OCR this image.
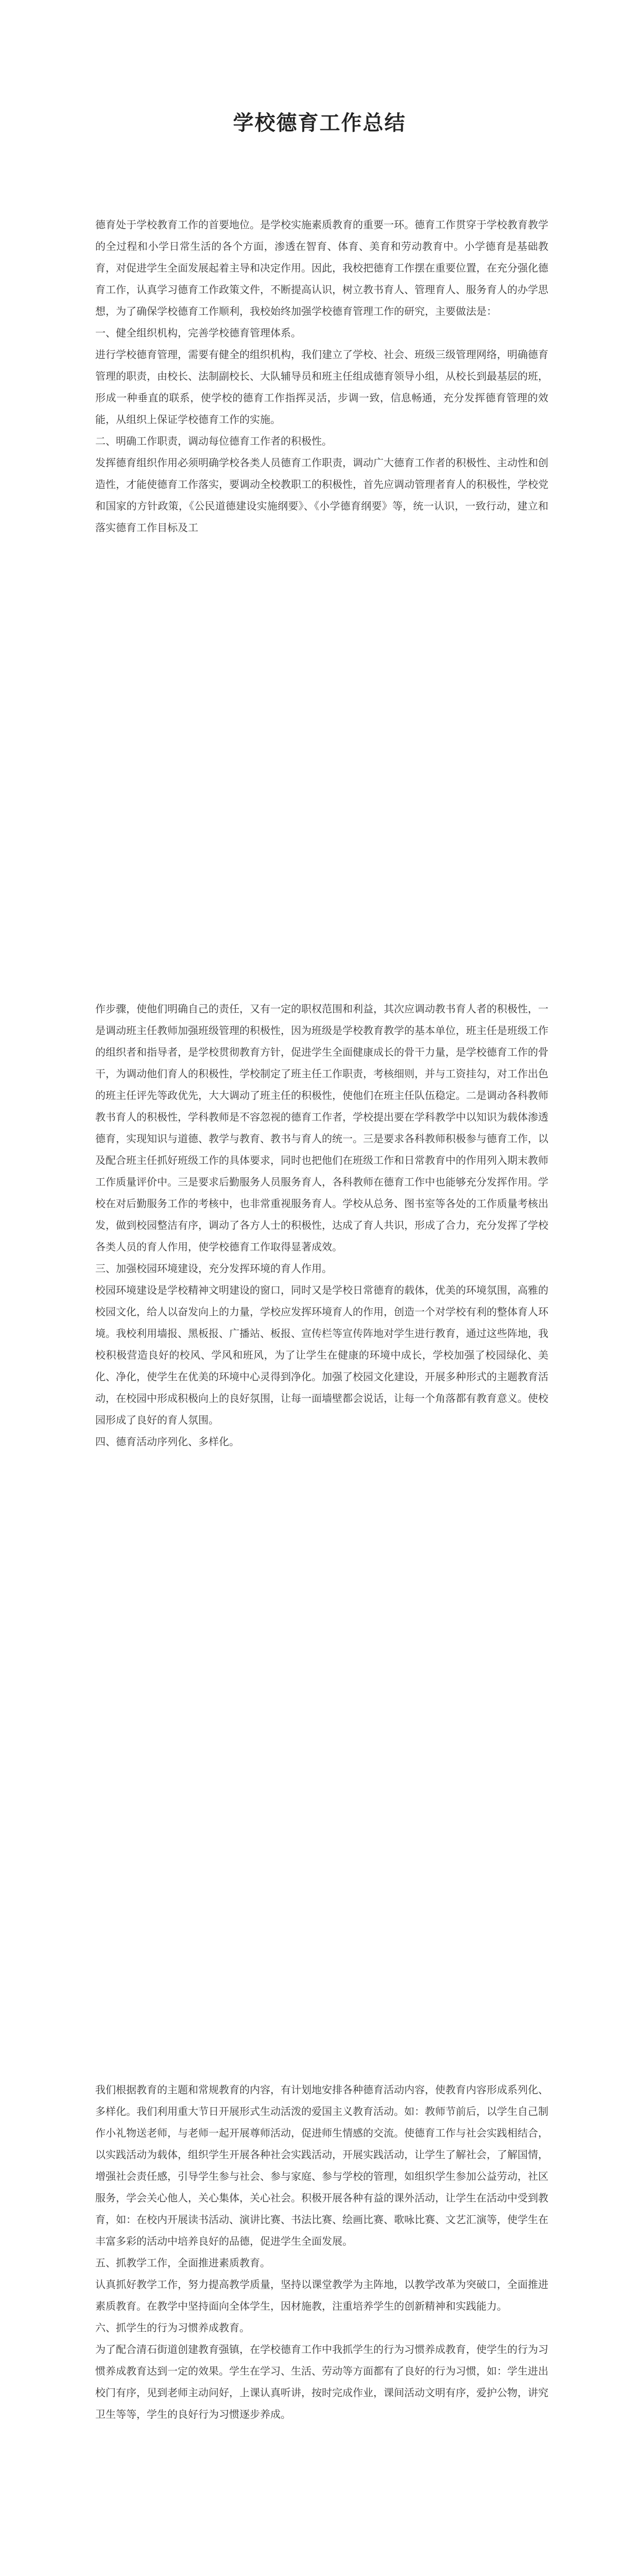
学校德育工作总结

德育处于学校教育工作的首要地位。是学校实施素质教育的重要一环。德育工作贯穿于学校教育教学的全过程和小学日常生活的各个方面，渗透在智育、体育、美育和劳动教育中。小学德育是基础教育，对促进学生全面发展起着主导和决定作用。因此，我校把德育工作摆在重要位置，在充分强化德育工作，认真学习德育工作政策文件，不断提高认识，树立教书育人、管理育人、服务育人的办学思想，为了确保学校德育工作顺利，我校始终加强学校德育管理工作的研究，主要做法是：

一、健全组织机构，完善学校德育管理体系。

进行学校德育管理，需要有健全的组织机构，我们建立了学校、社会、班级三级管理网络，明确德育管理的职责，由校长、法制副校长、大队辅导员和班主任组成德育领导小组，从校长到最基层的班，形成一种垂直的联系，使学校的德育工作指挥灵活，步调一致，信息畅通，充分发挥德育管理的效能，从组织上保证学校德育工作的实施。

二、明确工作职责，调动每位德育工作者的积极性。

发挥德育组织作用必须明确学校各类人员德育工作职责，调动广大德育工作者的积极性、主动性和创造性，才能使德育工作落实，要调动全校教职工的积极性，首先应调动管理者育人的积极性，学校党和国家的方针政策，《公民道德建设实施纲要》、《小学德育纲要》等，统一认识，一致行动，建立和落实德育工作目标及工

作步骤，使他们明确自己的责任，又有一定的职权范围和利益，其次应调动教书育人者的积极性，一是调动班主任教师加强班级管理的积极性，因为班级是学校教育教学的基本单位，班主任是班级工作的组织者和指导者，是学校贯彻教育方针，促进学生全面健康成长的骨干力量，是学校德育工作的骨干，为调动他们育人的积极性，学校制定了班主任工作职责，考核细则，并与工资挂勾，对工作出色的班主任评先等政优先，大大调动了班主任的积极性，使他们在班主任队伍稳定。二是调动各科教师教书育人的积极性，学科教师是不容忽视的德育工作者，学校提出要在学科教学中以知识为载体渗透德育，实现知识与道德、教学与教育、教书与育人的统一。三是要求各科教师积极参与德育工作，以及配合班主任抓好班级工作的具体要求，同时也把他们在班级工作和日常教育中的作用列入期末教师工作质量评价中。三是要求后勤服务人员服务育人，各科教师在德育工作中也能够充分发挥作用。学校在对后勤服务工作的考核中，也非常重视服务育人。学校从总务、图书室等各处的工作质量考核出发，做到校园整洁有序，调动了各方人士的积极性，达成了育人共识，形成了合力，充分发挥了学校各类人员的育人作用，使学校德育工作取得显著成效。

三、加强校园环境建设，充分发挥环境的育人作用。

校园环境建设是学校精神文明建设的窗口，同时又是学校日常德育的载体，优美的环境氛围，高雅的校园文化，给人以奋发向上的力量，学校应发挥环境育人的作用，创造一个对学校有利的整体育人环境。我校利用墙报、黑板报、广播站、板报、宣传栏等宣传阵地对学生进行教育，通过这些阵地，我校积极营造良好的校风、学风和班风，为了让学生在健康的环境中成长，学校加强了校园绿化、美化、净化，使学生在优美的环境中心灵得到净化。加强了校园文化建设，开展多种形式的主题教育活动，在校园中形成积极向上的良好氛围，让每一面墙壁都会说话，让每一个角落都有教育意义。使校园形成了良好的育人氛围。

四、德育活动序列化、多样化。

我们根据教育的主题和常规教育的内容，有计划地安排各种德育活动内容，使教育内容形成系列化、多样化。我们利用重大节日开展形式生动活泼的爱国主义教育活动。如：教师节前后，以学生自己制作小礼物送老师，与老师一起开展尊师活动，促进师生情感的交流。使德育工作与社会实践相结合，以实践活动为载体，组织学生开展各种社会实践活动，开展实践活动，让学生了解社会，了解国情，增强社会责任感，引导学生参与社会、参与家庭、参与学校的管理，如组织学生参加公益劳动，社区服务，学会关心他人，关心集体，关心社会。积极开展各种有益的课外活动，让学生在活动中受到教育，如：在校内开展读书活动、演讲比赛、书法比赛、绘画比赛、歌咏比赛、文艺汇演等，使学生在丰富多彩的活动中培养良好的品德，促进学生全面发展。

五、抓教学工作，全面推进素质教育。

认真抓好教学工作，努力提高教学质量，坚持以课堂教学为主阵地，以教学改革为突破口，全面推进素质教育。在教学中坚持面向全体学生，因材施教，注重培养学生的创新精神和实践能力。

六、抓学生的行为习惯养成教育。

为了配合清石街道创建教育强镇，在学校德育工作中我抓学生的行为习惯养成教育，使学生的行为习惯养成教育达到一定的效果。学生在学习、生活、劳动等方面都有了良好的行为习惯，如：学生进出校门有序，见到老师主动问好，上课认真听讲，按时完成作业，课间活动文明有序，爱护公物，讲究卫生等等，学生的良好行为习惯逐步养成。
